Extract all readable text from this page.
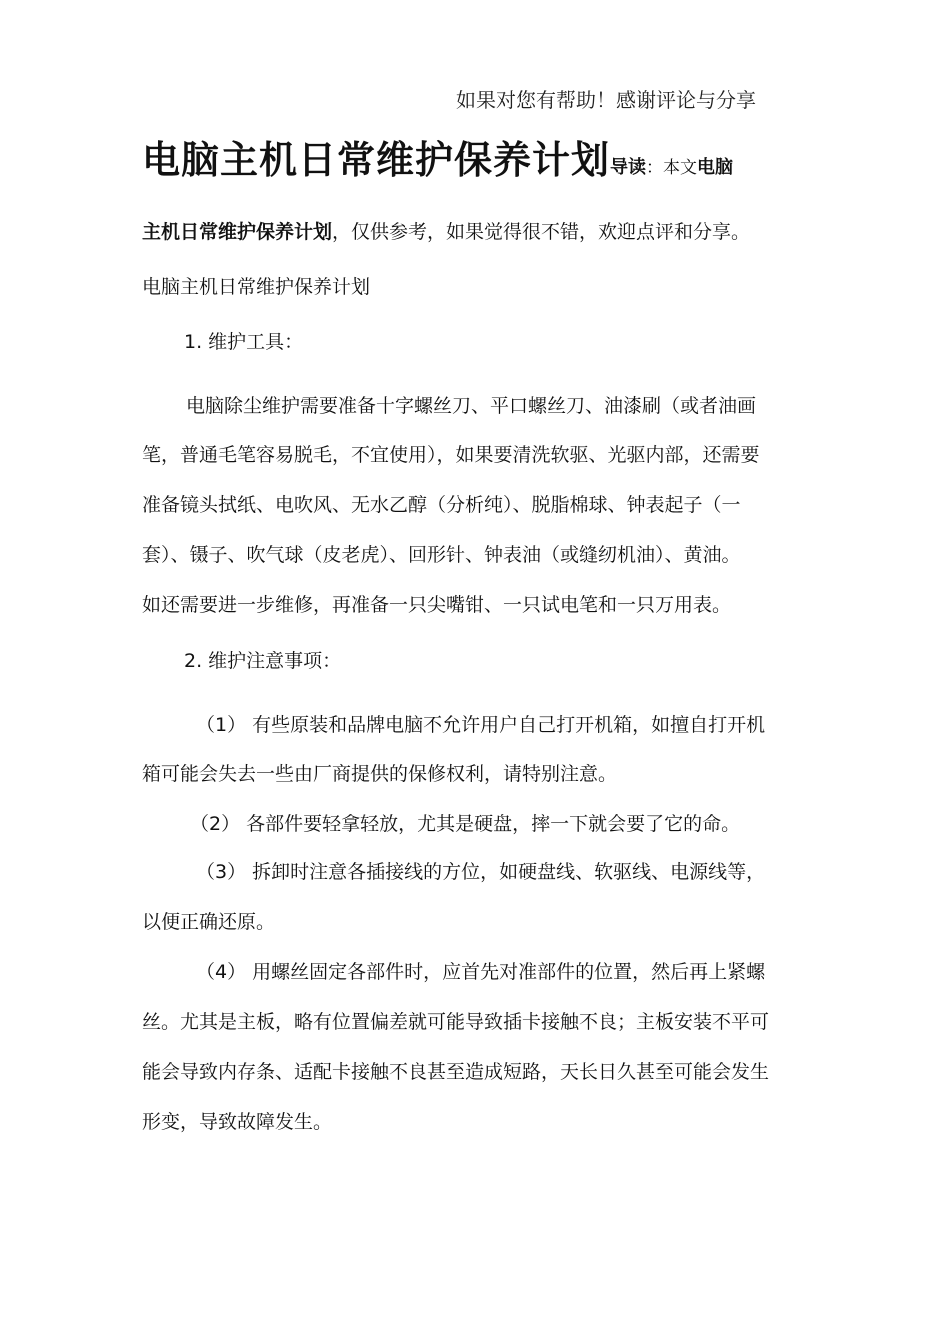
如果对您有帮助！感谢评论与分享
电脑主机日常维护保养计划导读：本文电脑
主机日常维护保养计划，仅供参考，如果觉得很不错，欢迎点评和分享。
电脑主机日常维护保养计划
1. 维护工具：
电脑除尘维护需要准备十字螺丝刀、平口螺丝刀、油漆刷（或者油画
笔，普通毛笔容易脱毛，不宜使用），如果要清洗软驱、光驱内部，还需要
准备镜头拭纸、电吹风、无水乙醇（分析纯）、脱脂棉球、钟表起子（一
套）、镊子、吹气球（皮老虎）、回形针、钟表油（或缝纫机油）、黄油。
如还需要进一步维修，再准备一只尖嘴钳、一只试电笔和一只万用表。
2. 维护注意事项：
（1） 有些原装和品牌电脑不允许用户自己打开机箱，如擅自打开机
箱可能会失去一些由厂商提供的保修权利，请特别注意。
（2） 各部件要轻拿轻放，尤其是硬盘，摔一下就会要了它的命。
（3） 拆卸时注意各插接线的方位，如硬盘线、软驱线、电源线等，
以便正确还原。
（4） 用螺丝固定各部件时，应首先对准部件的位置，然后再上紧螺
丝。尤其是主板，略有位置偏差就可能导致插卡接触不良；主板安装不平可
能会导致内存条、适配卡接触不良甚至造成短路，天长日久甚至可能会发生
形变，导致故障发生。
